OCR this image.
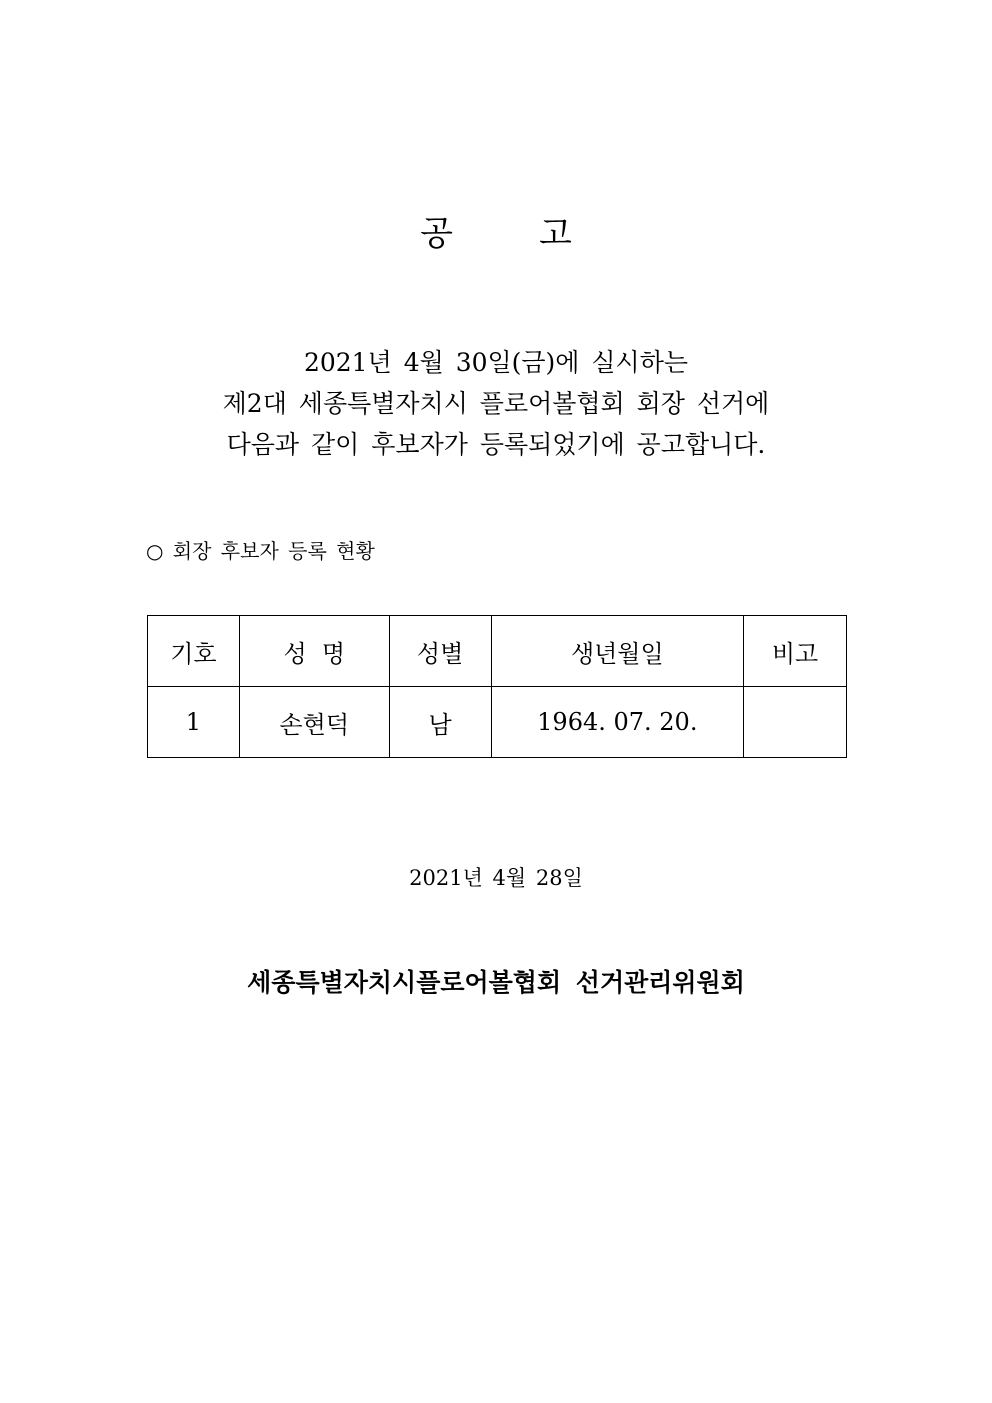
공	고
2021년 4월 30일(금)에 실시하는
제2대 세종특별자치시 플로어볼협회 회장 선거에
다음과 같이 후보자가 등록되었기에 공고합니다.
○ 회장 후보자 등록 현황
기호	성  명	성별	생년월일	비고
1	손현덕	남	1964. 07. 20.	
2021년 4월 28일
세종특별자치시플로어볼협회 선거관리위원회
